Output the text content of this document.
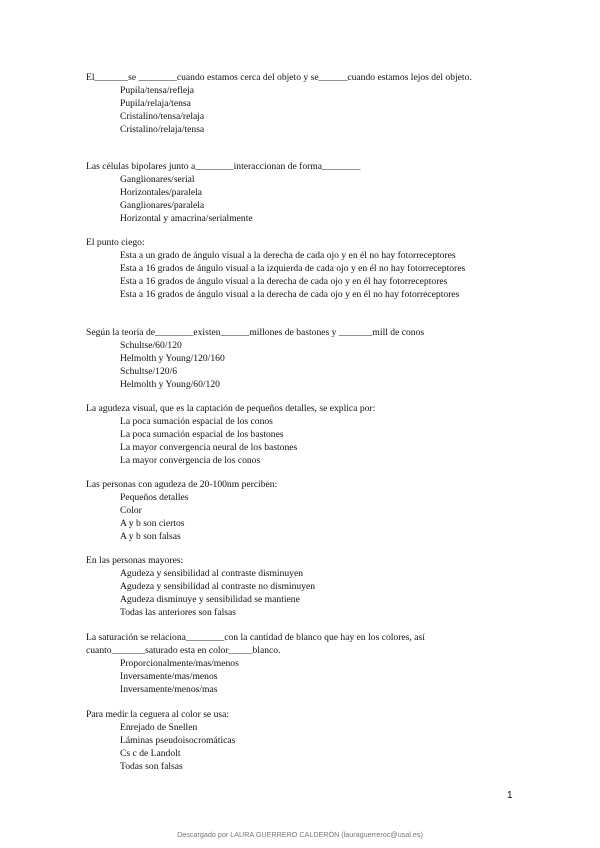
El_______se ________cuando estamos cerca del objeto y se______cuando estamos lejos del objeto.

Pupila/tensa/refleja
Pupila/relaja/tensa
Cristalino/tensa/relaja
Cristalino/relaja/tensa

Las células bipolares junto a________interaccionan de forma________

Ganglionares/serial
Horizontales/paralela
Ganglionares/paralela
Horizontal y amacrina/serialmente

El punto ciego:

Esta a un grado de ángulo visual a la derecha de cada ojo y en él no hay fotorreceptores
Esta a 16 grados de ángulo visual a la izquierda de cada ojo y en él no hay fotorreceptores
Esta a 16 grados de ángulo visual a la derecha de cada ojo y en él hay fotorreceptores
Esta a 16 grados de ángulo visual a la derecha de cada ojo y en él no hay fotorreceptores

Según la teoría de________existen______millones de bastones y _______mill de conos

Schultse/60/120
Helmolth y Young/120/160
Schultse/120/6
Helmolth y Young/60/120

La agudeza visual, que es la captación de pequeños detalles, se explica por:

La poca sumación espacial de los conos
La poca sumación espacial de los bastones
La mayor convergencia neural de los bastones
La mayor convergencia de los conos

Las personas con agudeza de 20-100nm perciben:

Pequeños detalles
Color
A y b son ciertos
A y b son falsas

En las personas mayores:

Agudeza y sensibilidad al contraste disminuyen
Agudeza y sensibilidad al contraste no disminuyen
Agudeza disminuye y sensibilidad se mantiene
Todas las anteriores son falsas

La saturación se relaciona________con la cantidad de blanco que hay en los colores, así cuanto_______saturado esta en color_____blanco.

Proporcionalmente/mas/menos
Inversamente/mas/menos
Inversamente/menos/mas

Para medir la ceguera al color se usa:

Enrejado de Snellen
Láminas pseudoisocromáticas
Cs c de Landolt
Todas son falsas
1
Descargado por LAURA GUERRERO CALDERÓN (lauraguerreroc@usal.es)
